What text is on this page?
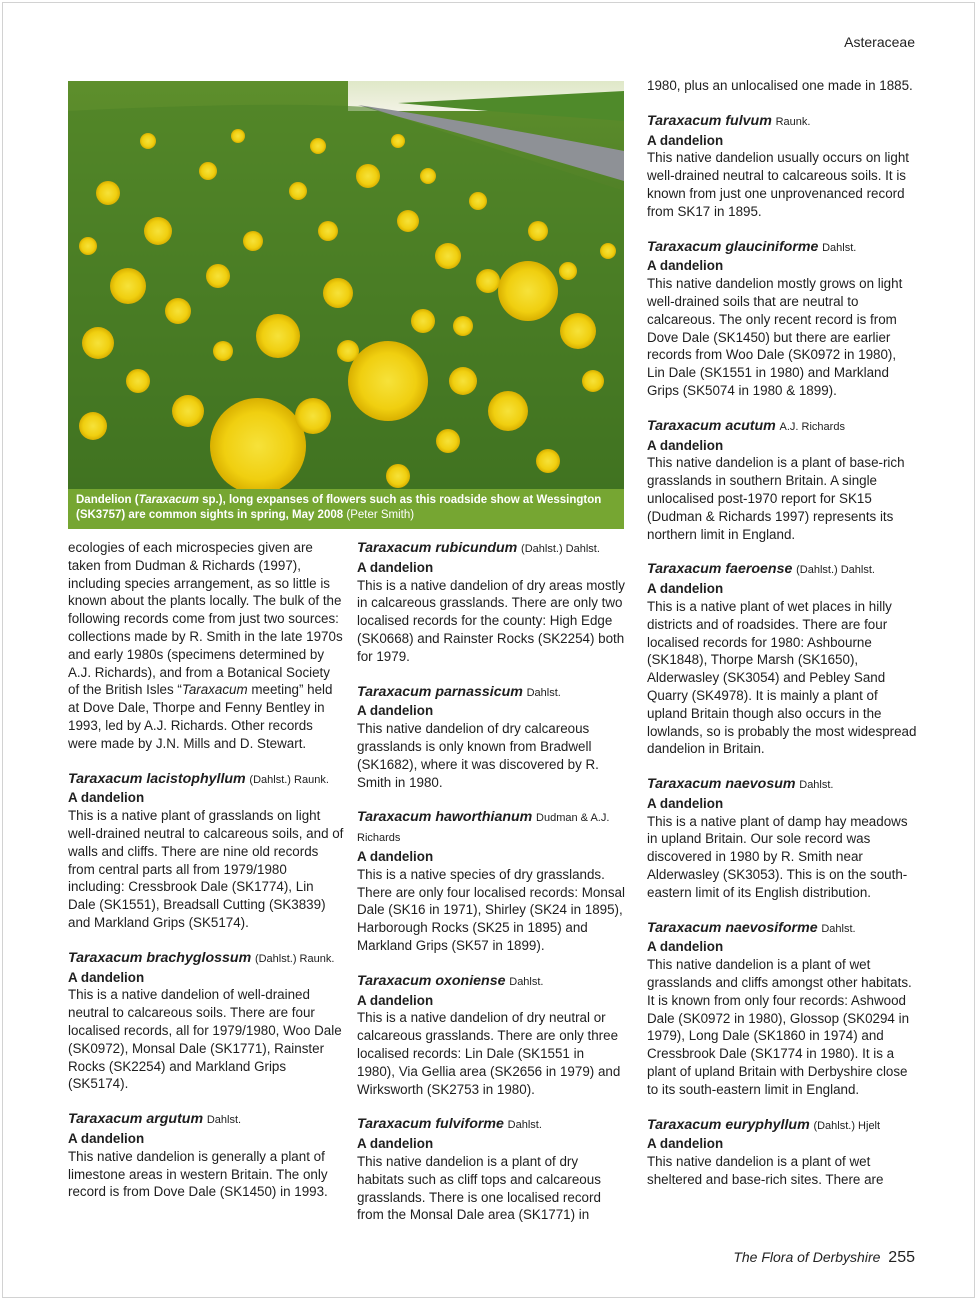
Asteraceae
Dandelion (Taraxacum sp.), long expanses of flowers such as this roadside show at Wessington (SK3757) are common sights in spring, May 2008 (Peter Smith)

ecologies of each microspecies given are taken from Dudman & Richards (1997), including species arrangement, as so little is known about the plants locally. The bulk of the following records come from just two sources: collections made by R. Smith in the late 1970s and early 1980s (specimens determined by A.J. Richards), and from a Botanical Society of the British Isles “Taraxacum meeting” held at Dove Dale, Thorpe and Fenny Bentley in 1993, led by A.J. Richards. Other records were made by J.N. Mills and D. Stewart.

Taraxacum lacistophyllum (Dahlst.) Raunk.

A dandelion

This is a native plant of grasslands on light well-drained neutral to calcareous soils, and of walls and cliffs. There are nine old records from central parts all from 1979/1980 including: Cressbrook Dale (SK1774), Lin Dale (SK1551), Breadsall Cutting (SK3839) and Markland Grips (SK5174).

Taraxacum brachyglossum (Dahlst.) Raunk.

A dandelion

This is a native dandelion of well-drained neutral to calcareous soils. There are four localised records, all for 1979/1980, Woo Dale (SK0972), Monsal Dale (SK1771), Rainster Rocks (SK2254) and Markland Grips (SK5174).

Taraxacum argutum Dahlst.

A dandelion

This native dandelion is generally a plant of limestone areas in western Britain. The only record is from Dove Dale (SK1450) in 1993.

Taraxacum rubicundum (Dahlst.) Dahlst.

A dandelion

This is a native dandelion of dry areas mostly in calcareous grasslands. There are only two localised records for the county: High Edge (SK0668) and Rainster Rocks (SK2254) both for 1979.

Taraxacum parnassicum Dahlst.

A dandelion

This native dandelion of dry calcareous grasslands is only known from Bradwell (SK1682), where it was discovered by R. Smith in 1980.

Taraxacum haworthianum Dudman & A.J. Richards

A dandelion

This is a native species of dry grasslands. There are only four localised records: Monsal Dale (SK16 in 1971), Shirley (SK24 in 1895), Harborough Rocks (SK25 in 1895) and Markland Grips (SK57 in 1899).

Taraxacum oxoniense Dahlst.

A dandelion

This is a native dandelion of dry neutral or calcareous grasslands. There are only three localised records: Lin Dale (SK1551 in 1980), Via Gellia area (SK2656 in 1979) and Wirksworth (SK2753 in 1980).

Taraxacum fulviforme Dahlst.

A dandelion

This native dandelion is a plant of dry habitats such as cliff tops and calcareous grasslands. There is one localised record from the Monsal Dale area (SK1771) in

1980, plus an unlocalised one made in 1885.

Taraxacum fulvum Raunk.

A dandelion

This native dandelion usually occurs on light well-drained neutral to calcareous soils. It is known from just one unprovenanced record from SK17 in 1895.

Taraxacum glauciniforme Dahlst.

A dandelion

This native dandelion mostly grows on light well-drained soils that are neutral to calcareous. The only recent record is from Dove Dale (SK1450) but there are earlier records from Woo Dale (SK0972 in 1980), Lin Dale (SK1551 in 1980) and Markland Grips (SK5074 in 1980 & 1899).

Taraxacum acutum A.J. Richards

A dandelion

This native dandelion is a plant of base-rich grasslands in southern Britain. A single unlocalised post-1970 report for SK15 (Dudman & Richards 1997) represents its northern limit in England.

Taraxacum faeroense (Dahlst.) Dahlst.

A dandelion

This is a native plant of wet places in hilly districts and of roadsides. There are four localised records for 1980: Ashbourne (SK1848), Thorpe Marsh (SK1650), Alderwasley (SK3054) and Pebley Sand Quarry (SK4978). It is mainly a plant of upland Britain though also occurs in the lowlands, so is probably the most widespread dandelion in Britain.

Taraxacum naevosum Dahlst.

A dandelion

This is a native plant of damp hay meadows in upland Britain. Our sole record was discovered in 1980 by R. Smith near Alderwasley (SK3053). This is on the south-eastern limit of its English distribution.

Taraxacum naevosiforme Dahlst.

A dandelion

This native dandelion is a plant of wet grasslands and cliffs amongst other habitats. It is known from only four records: Ashwood Dale (SK0972 in 1980), Glossop (SK0294 in 1979), Long Dale (SK1860 in 1974) and Cressbrook Dale (SK1774 in 1980). It is a plant of upland Britain with Derbyshire close to its south-eastern limit in England.

Taraxacum euryphyllum (Dahlst.) Hjelt

A dandelion

This native dandelion is a plant of wet sheltered and base-rich sites. There are

The Flora of Derbyshire 255
